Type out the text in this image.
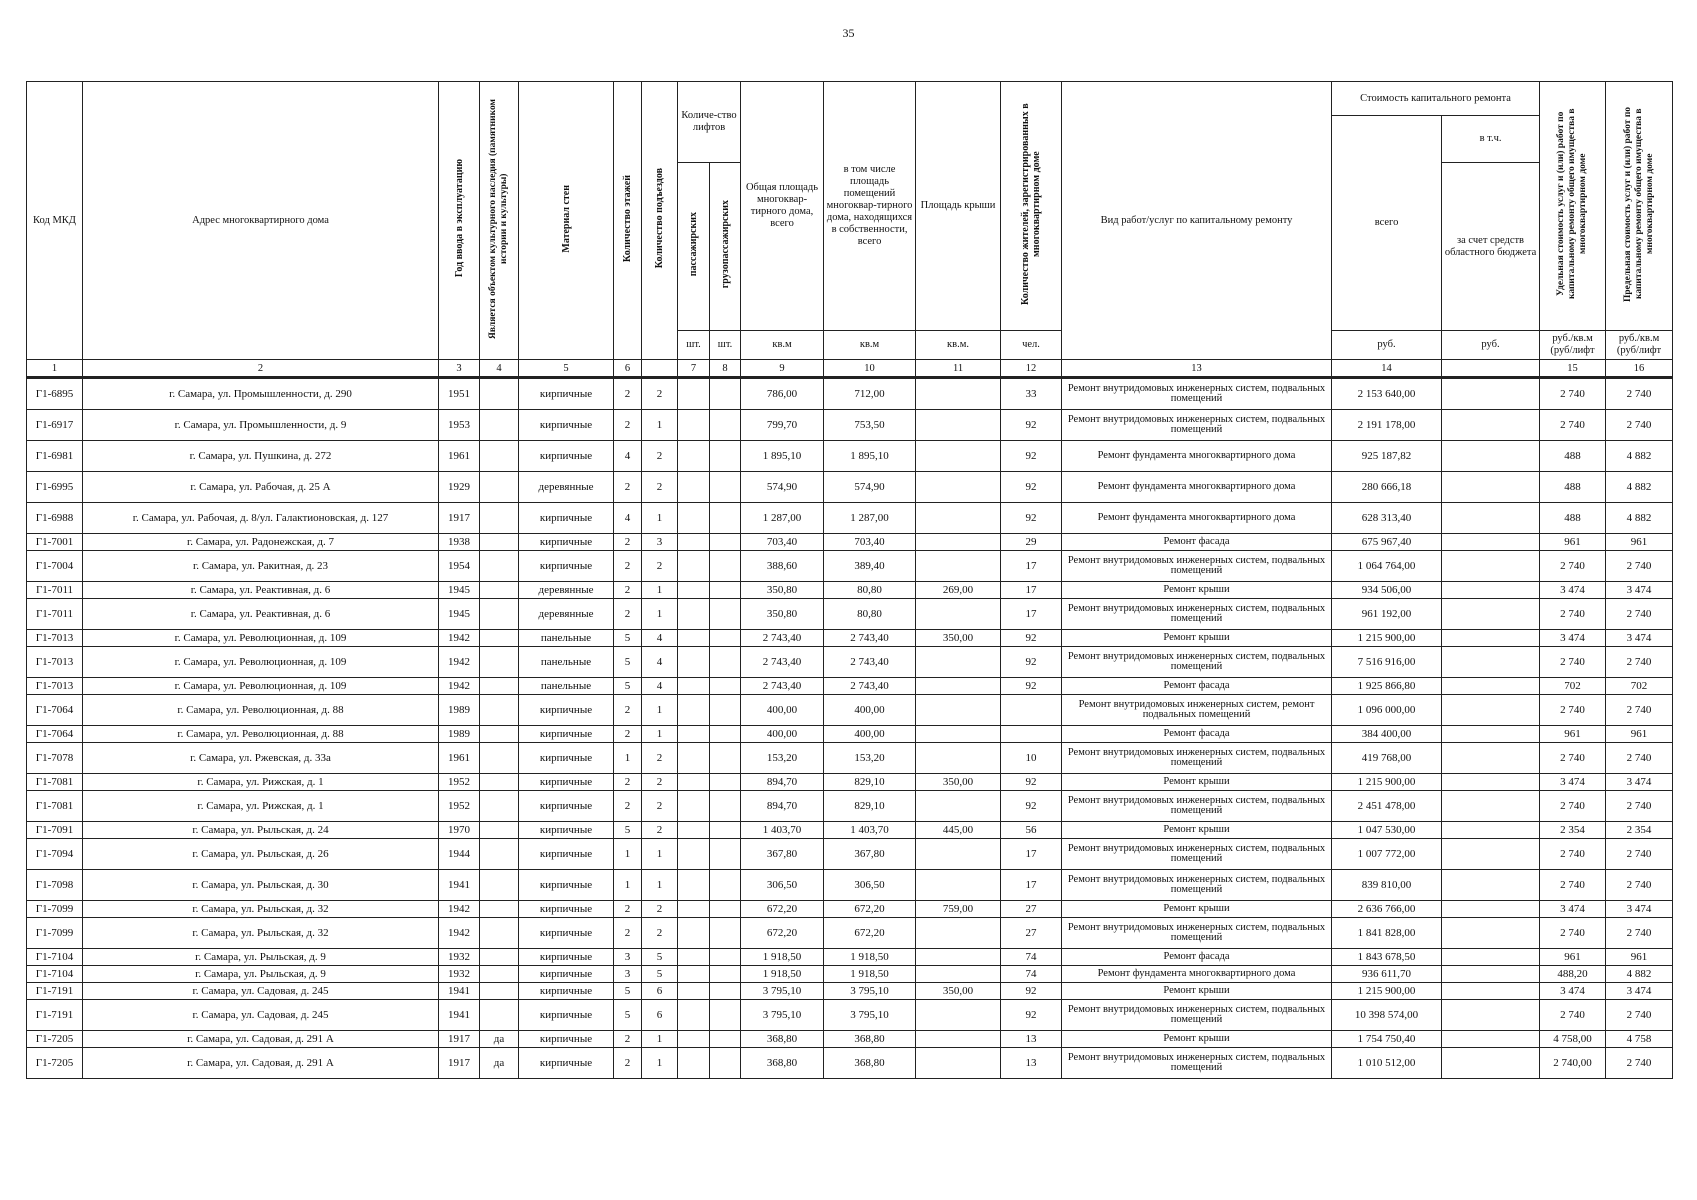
35
Код МКД	Адрес многоквартирного дома	Год ввода в эксплуатацию	Является объектом культурного наследия (памятником истории и культуры)	Материал стен	Количество этажей	Количество подъездов	Количе-ство лифтов		Общая площадь многоквар-тирного дома, всего	в том числе площадь помещений многоквар-тирного дома, находящихся в собственности, всего	Площадь крыши	Количество жителей, зарегистрированных в многоквартирном доме	Вид работ/услуг по капитальному ремонту	Стоимость капитального ремонта		Удельная стоимость услуг и (или) работ по капитальному ремонту общего имущества в многоквартирном доме	Предельная стоимость услуг и (или) работ по капитальному ремонту общего имущества в многоквартирном доме
														всего	в т.ч.		
							пассажирских	грузопассажирских							за счет средств областного бюджета		
							шт.	шт.	кв.м	кв.м	кв.м.	чел.		руб.	руб.	руб./кв.м (руб/лифт	руб./кв.м (руб/лифт
1	2	3	4	5	6		7	8	9	10	11	12	13	14		15	16
Г1-6895	г. Самара, ул. Промышленности, д. 290	1951		кирпичные	2	2			786,00	712,00		33	Ремонт внутридомовых инженерных систем, подвальных помещений	2 153 640,00		2 740	2 740
Г1-6917	г. Самара, ул. Промышленности, д. 9	1953		кирпичные	2	1			799,70	753,50		92	Ремонт внутридомовых инженерных систем, подвальных помещений	2 191 178,00		2 740	2 740
Г1-6981	г. Самара, ул. Пушкина, д. 272	1961		кирпичные	4	2			1 895,10	1 895,10		92	Ремонт фундамента многоквартирного дома	925 187,82		488	4 882
Г1-6995	г. Самара, ул. Рабочая, д. 25 А	1929		деревянные	2	2			574,90	574,90		92	Ремонт фундамента многоквартирного дома	280 666,18		488	4 882
Г1-6988	г. Самара, ул. Рабочая, д. 8/ул. Галактионовская, д. 127	1917		кирпичные	4	1			1 287,00	1 287,00		92	Ремонт фундамента многоквартирного дома	628 313,40		488	4 882
Г1-7001	г. Самара, ул. Радонежская, д. 7	1938		кирпичные	2	3			703,40	703,40		29	Ремонт фасада	675 967,40		961	961
Г1-7004	г. Самара, ул. Ракитная, д. 23	1954		кирпичные	2	2			388,60	389,40		17	Ремонт внутридомовых инженерных систем, подвальных помещений	1 064 764,00		2 740	2 740
Г1-7011	г. Самара, ул. Реактивная, д. 6	1945		деревянные	2	1			350,80	80,80	269,00	17	Ремонт крыши	934 506,00		3 474	3 474
Г1-7011	г. Самара, ул. Реактивная, д. 6	1945		деревянные	2	1			350,80	80,80		17	Ремонт внутридомовых инженерных систем, подвальных помещений	961 192,00		2 740	2 740
Г1-7013	г. Самара, ул. Революционная, д. 109	1942		панельные	5	4			2 743,40	2 743,40	350,00	92	Ремонт крыши	1 215 900,00		3 474	3 474
Г1-7013	г. Самара, ул. Революционная, д. 109	1942		панельные	5	4			2 743,40	2 743,40		92	Ремонт внутридомовых инженерных систем, подвальных помещений	7 516 916,00		2 740	2 740
Г1-7013	г. Самара, ул. Революционная, д. 109	1942		панельные	5	4			2 743,40	2 743,40		92	Ремонт фасада	1 925 866,80		702	702
Г1-7064	г. Самара, ул. Революционная, д. 88	1989		кирпичные	2	1			400,00	400,00			Ремонт внутридомовых инженерных систем, ремонт подвальных помещений	1 096 000,00		2 740	2 740
Г1-7064	г. Самара, ул. Революционная, д. 88	1989		кирпичные	2	1			400,00	400,00			Ремонт фасада	384 400,00		961	961
Г1-7078	г. Самара, ул. Ржевская, д. 33а	1961		кирпичные	1	2			153,20	153,20		10	Ремонт внутридомовых инженерных систем, подвальных помещений	419 768,00		2 740	2 740
Г1-7081	г. Самара, ул. Рижская, д. 1	1952		кирпичные	2	2			894,70	829,10	350,00	92	Ремонт крыши	1 215 900,00		3 474	3 474
Г1-7081	г. Самара, ул. Рижская, д. 1	1952		кирпичные	2	2			894,70	829,10		92	Ремонт внутридомовых инженерных систем, подвальных помещений	2 451 478,00		2 740	2 740
Г1-7091	г. Самара, ул. Рыльская, д. 24	1970		кирпичные	5	2			1 403,70	1 403,70	445,00	56	Ремонт крыши	1 047 530,00		2 354	2 354
Г1-7094	г. Самара, ул. Рыльская, д. 26	1944		кирпичные	1	1			367,80	367,80		17	Ремонт внутридомовых инженерных систем, подвальных помещений	1 007 772,00		2 740	2 740
Г1-7098	г. Самара, ул. Рыльская, д. 30	1941		кирпичные	1	1			306,50	306,50		17	Ремонт внутридомовых инженерных систем, подвальных помещений	839 810,00		2 740	2 740
Г1-7099	г. Самара, ул. Рыльская, д. 32	1942		кирпичные	2	2			672,20	672,20	759,00	27	Ремонт крыши	2 636 766,00		3 474	3 474
Г1-7099	г. Самара, ул. Рыльская, д. 32	1942		кирпичные	2	2			672,20	672,20		27	Ремонт внутридомовых инженерных систем, подвальных помещений	1 841 828,00		2 740	2 740
Г1-7104	г. Самара, ул. Рыльская, д. 9	1932		кирпичные	3	5			1 918,50	1 918,50		74	Ремонт фасада	1 843 678,50		961	961
Г1-7104	г. Самара, ул. Рыльская, д. 9	1932		кирпичные	3	5			1 918,50	1 918,50		74	Ремонт фундамента многоквартирного дома	936 611,70		488,20	4 882
Г1-7191	г. Самара, ул. Садовая, д. 245	1941		кирпичные	5	6			3 795,10	3 795,10	350,00	92	Ремонт крыши	1 215 900,00		3 474	3 474
Г1-7191	г. Самара, ул. Садовая, д. 245	1941		кирпичные	5	6			3 795,10	3 795,10		92	Ремонт внутридомовых инженерных систем, подвальных помещений	10 398 574,00		2 740	2 740
Г1-7205	г. Самара, ул. Садовая, д. 291 А	1917	да	кирпичные	2	1			368,80	368,80		13	Ремонт крыши	1 754 750,40		4 758,00	4 758
Г1-7205	г. Самара, ул. Садовая, д. 291 А	1917	да	кирпичные	2	1			368,80	368,80		13	Ремонт внутридомовых инженерных систем, подвальных помещений	1 010 512,00		2 740,00	2 740
